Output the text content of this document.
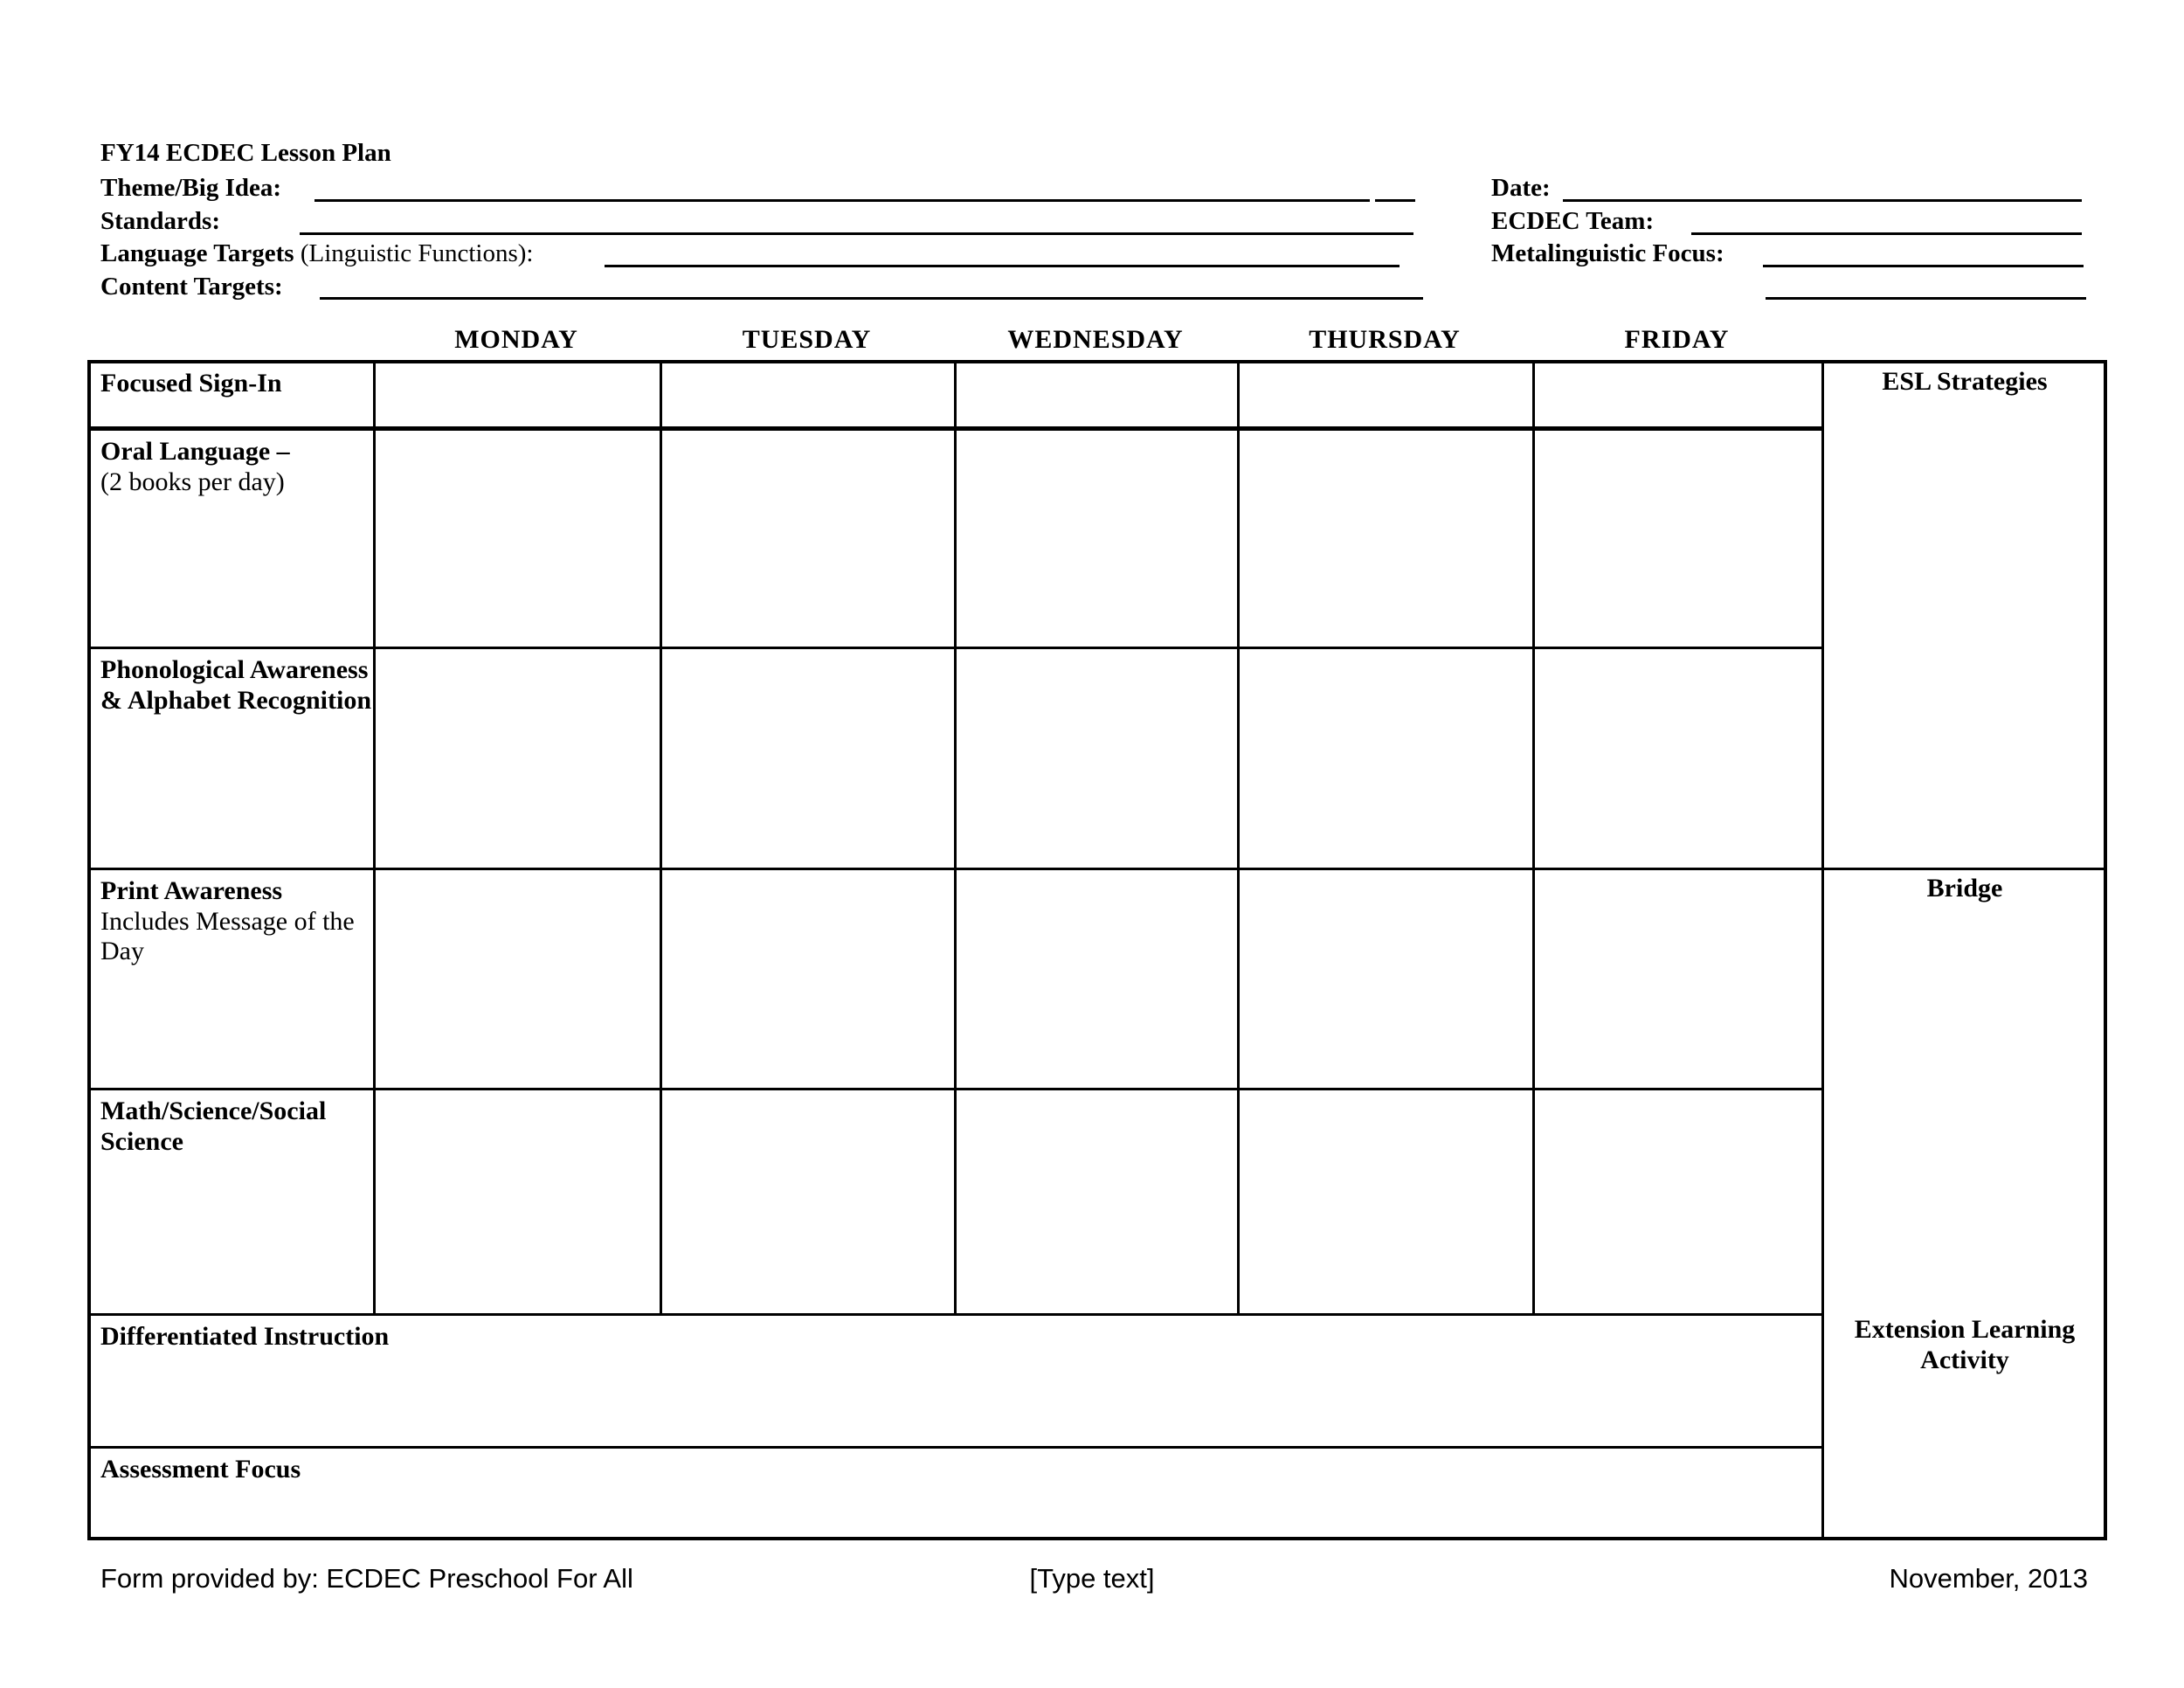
FY14 ECDEC Lesson Plan
Theme/Big Idea:
Standards:
Language Targets (Linguistic Functions):
Content Targets:
Date:
ECDEC Team:
Metalinguistic Focus:
MONDAY	TUESDAY	WEDNESDAY	THURSDAY	FRIDAY
Focused Sign-In
Oral Language –
(2 books per day)
Phonological Awareness & Alphabet Recognition
Print Awareness
Includes Message of the Day
Math/Science/Social Science
Differentiated Instruction
Assessment Focus
ESL Strategies
Bridge
Extension Learning Activity
Form provided by: ECDEC Preschool For All	[Type text]	November, 2013
